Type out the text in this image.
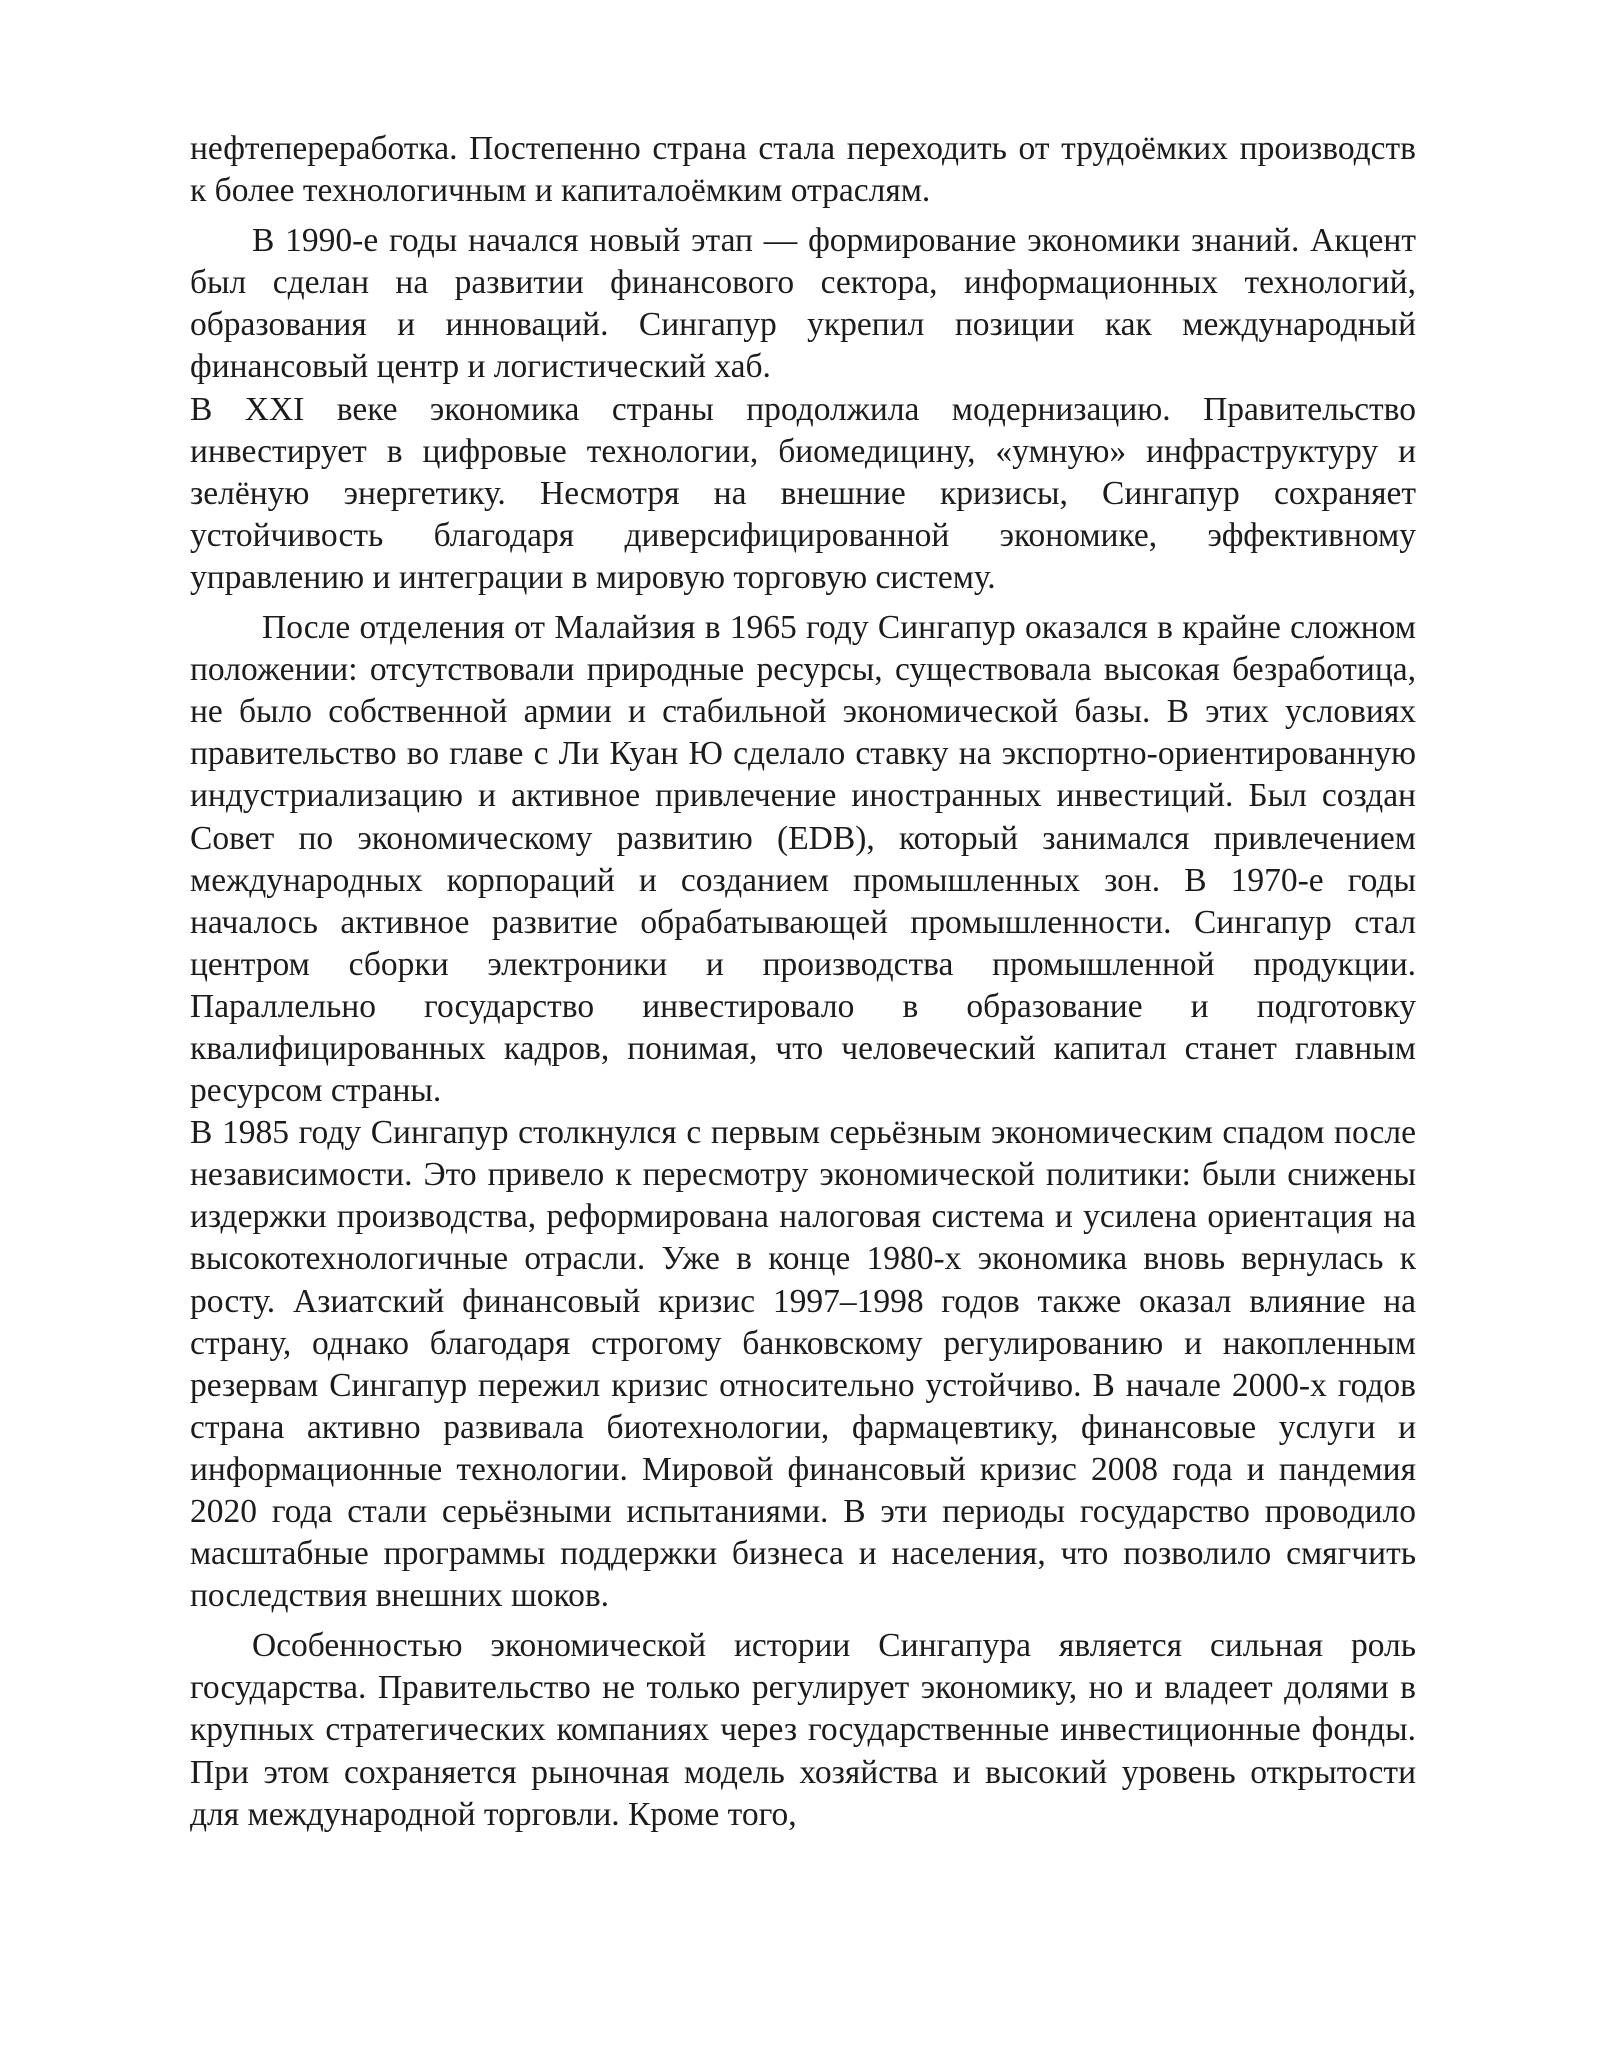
нефтепереработка. Постепенно страна стала переходить от трудоёмких производств к более технологичным и капиталоёмким отраслям.

В 1990-е годы начался новый этап — формирование экономики знаний. Акцент был сделан на развитии финансового сектора, информационных технологий, образования и инноваций. Сингапур укрепил позиции как международный финансовый центр и логистический хаб.

В XXI веке экономика страны продолжила модернизацию. Правительство инвестирует в цифровые технологии, биомедицину, «умную» инфраструктуру и зелёную энергетику. Несмотря на внешние кризисы, Сингапур сохраняет устойчивость благодаря диверсифицированной экономике, эффективному управлению и интеграции в мировую торговую систему.

После отделения от Малайзия в 1965 году Сингапур оказался в крайне сложном положении: отсутствовали природные ресурсы, существовала высокая безработица, не было собственной армии и стабильной экономической базы. В этих условиях правительство во главе с Ли Куан Ю сделало ставку на экспортно-ориентированную индустриализацию и активное привлечение иностранных инвестиций. Был создан Совет по экономическому развитию (EDB), который занимался привлечением международных корпораций и созданием промышленных зон. В 1970-е годы началось активное развитие обрабатывающей промышленности. Сингапур стал центром сборки электроники и производства промышленной продукции. Параллельно государство инвестировало в образование и подготовку квалифицированных кадров, понимая, что человеческий капитал станет главным ресурсом страны.

В 1985 году Сингапур столкнулся с первым серьёзным экономическим спадом после независимости. Это привело к пересмотру экономической политики: были снижены издержки производства, реформирована налоговая система и усилена ориентация на высокотехнологичные отрасли. Уже в конце 1980-х экономика вновь вернулась к росту. Азиатский финансовый кризис 1997–1998 годов также оказал влияние на страну, однако благодаря строгому банковскому регулированию и накопленным резервам Сингапур пережил кризис относительно устойчиво. В начале 2000-х годов страна активно развивала биотехнологии, фармацевтику, финансовые услуги и информационные технологии. Мировой финансовый кризис 2008 года и пандемия 2020 года стали серьёзными испытаниями. В эти периоды государство проводило масштабные программы поддержки бизнеса и населения, что позволило смягчить последствия внешних шоков.

Особенностью экономической истории Сингапура является сильная роль государства. Правительство не только регулирует экономику, но и владеет долями в крупных стратегических компаниях через государственные инвестиционные фонды. При этом сохраняется рыночная модель хозяйства и высокий уровень открытости для международной торговли. Кроме того,
